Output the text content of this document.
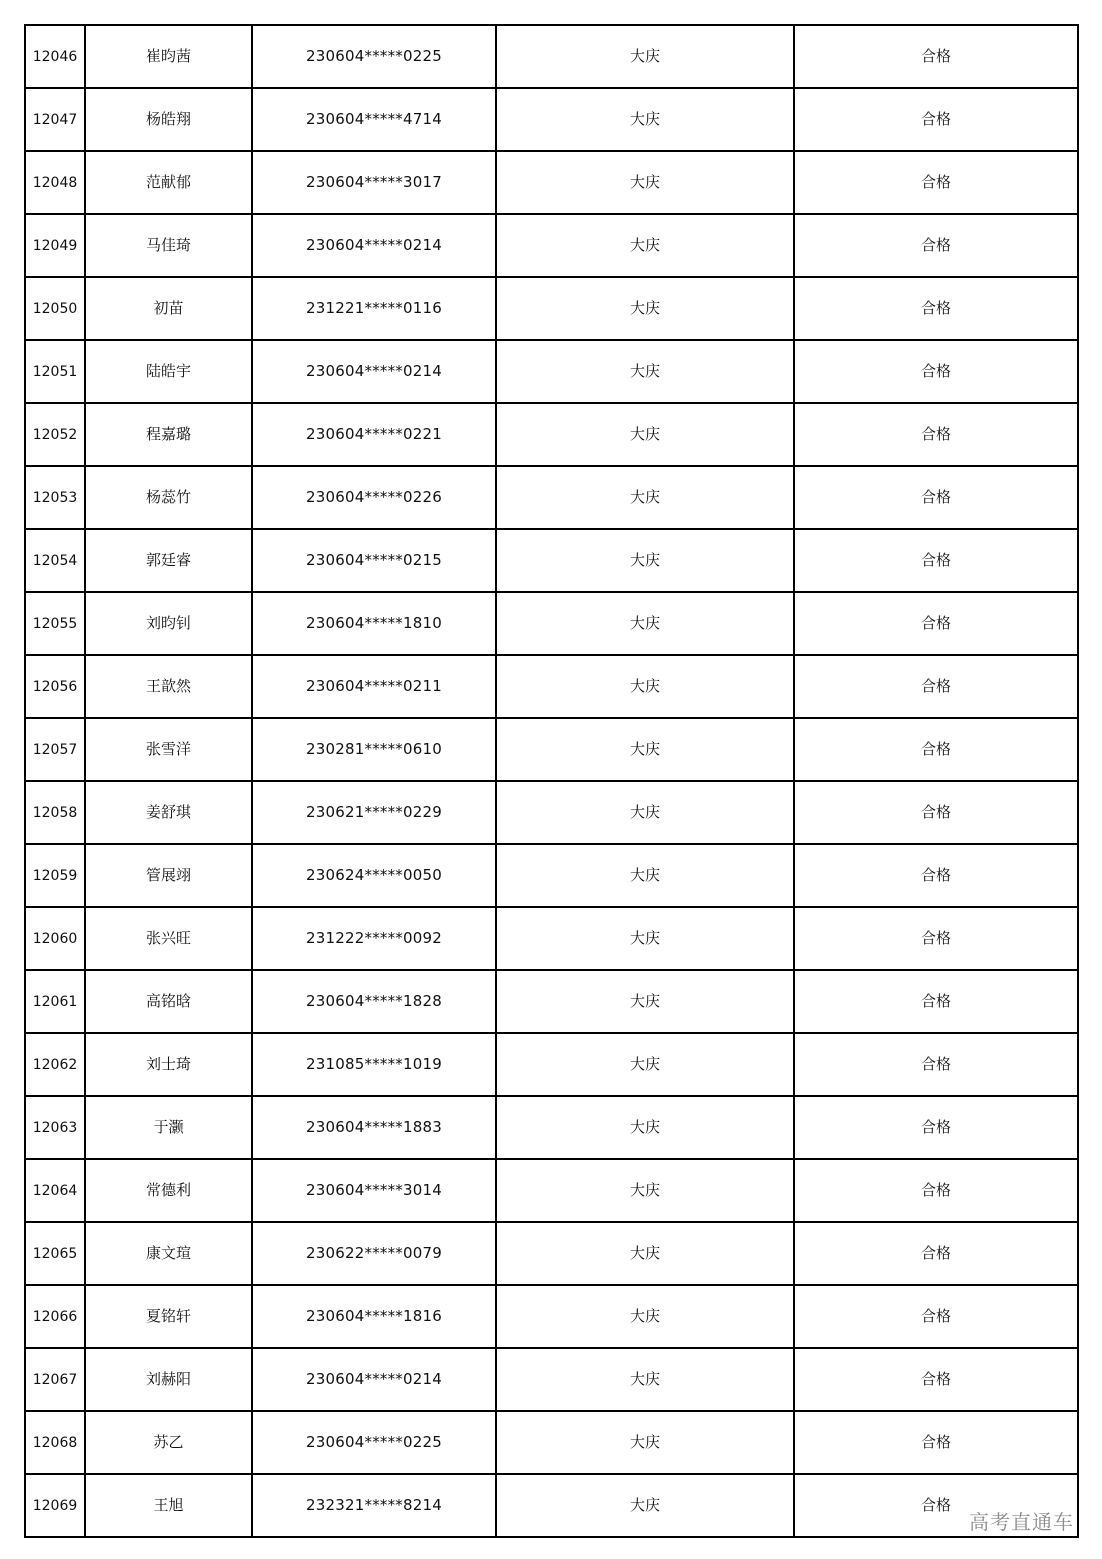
12046	崔昀茜	230604*****0225	大庆	合格
12047	杨皓翔	230604*****4714	大庆	合格
12048	范献郁	230604*****3017	大庆	合格
12049	马佳琦	230604*****0214	大庆	合格
12050	初苗	231221*****0116	大庆	合格
12051	陆皓宇	230604*****0214	大庆	合格
12052	程嘉璐	230604*****0221	大庆	合格
12053	杨蕊竹	230604*****0226	大庆	合格
12054	郭廷睿	230604*****0215	大庆	合格
12055	刘昀钊	230604*****1810	大庆	合格
12056	王歆然	230604*****0211	大庆	合格
12057	张雪洋	230281*****0610	大庆	合格
12058	姜舒琪	230621*****0229	大庆	合格
12059	管展翊	230624*****0050	大庆	合格
12060	张兴旺	231222*****0092	大庆	合格
12061	高铭晗	230604*****1828	大庆	合格
12062	刘士琦	231085*****1019	大庆	合格
12063	于灏	230604*****1883	大庆	合格
12064	常德利	230604*****3014	大庆	合格
12065	康文瑄	230622*****0079	大庆	合格
12066	夏铭轩	230604*****1816	大庆	合格
12067	刘赫阳	230604*****0214	大庆	合格
12068	苏乙	230604*****0225	大庆	合格
12069	王旭	232321*****8214	大庆	合格
高考直通车
